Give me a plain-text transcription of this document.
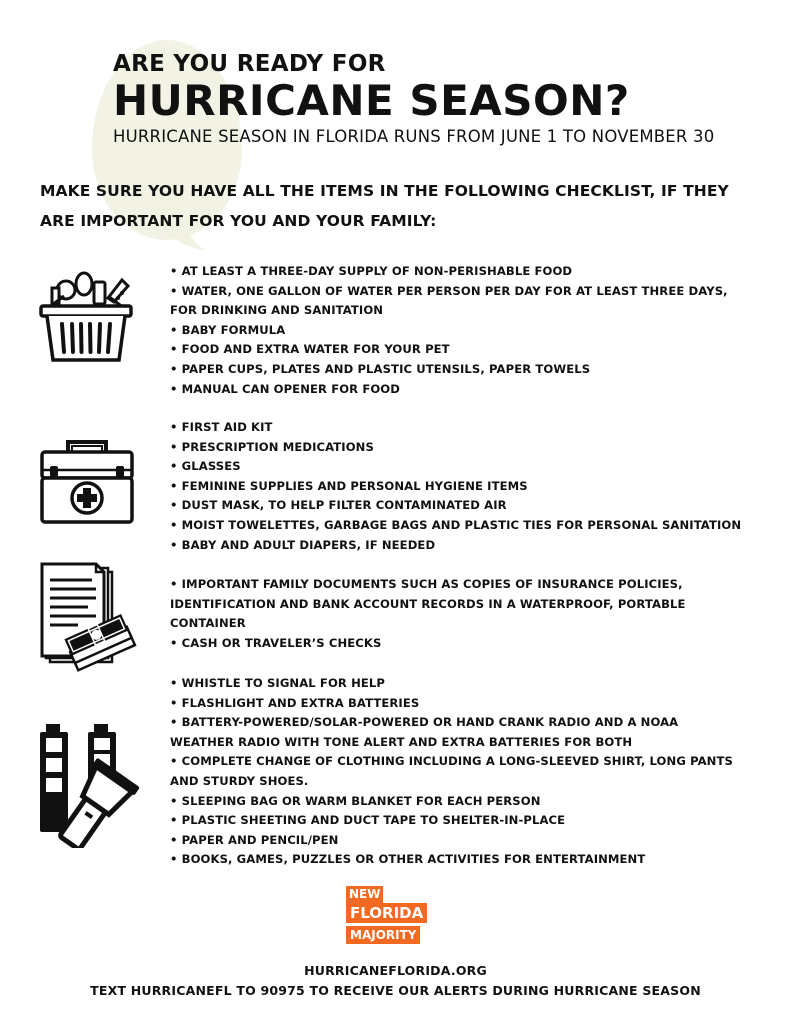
ARE YOU READY FOR
HURRICANE SEASON?
HURRICANE SEASON IN FLORIDA RUNS FROM JUNE 1 TO NOVEMBER 30
MAKE SURE YOU HAVE ALL THE ITEMS IN THE FOLLOWING CHECKLIST, IF THEY
ARE IMPORTANT FOR YOU AND YOUR FAMILY:
• AT LEAST A THREE-DAY SUPPLY OF NON-PERISHABLE FOOD
• WATER, ONE GALLON OF WATER PER PERSON PER DAY FOR AT LEAST THREE DAYS,
FOR DRINKING AND SANITATION
• BABY FORMULA
• FOOD AND EXTRA WATER FOR YOUR PET
• PAPER CUPS, PLATES AND PLASTIC UTENSILS, PAPER TOWELS
• MANUAL CAN OPENER FOR FOOD
• FIRST AID KIT
• PRESCRIPTION MEDICATIONS
• GLASSES
• FEMININE SUPPLIES AND PERSONAL HYGIENE ITEMS
• DUST MASK, TO HELP FILTER CONTAMINATED AIR
• MOIST TOWELETTES, GARBAGE BAGS AND PLASTIC TIES FOR PERSONAL SANITATION
• BABY AND ADULT DIAPERS, IF NEEDED
• IMPORTANT FAMILY DOCUMENTS SUCH AS COPIES OF INSURANCE POLICIES,
IDENTIFICATION AND BANK ACCOUNT RECORDS IN A WATERPROOF, PORTABLE
CONTAINER
• CASH OR TRAVELER’S CHECKS
• WHISTLE TO SIGNAL FOR HELP
• FLASHLIGHT AND EXTRA BATTERIES
• BATTERY-POWERED/SOLAR-POWERED OR HAND CRANK RADIO AND A NOAA
WEATHER RADIO WITH TONE ALERT AND EXTRA BATTERIES FOR BOTH
• COMPLETE CHANGE OF CLOTHING INCLUDING A LONG-SLEEVED SHIRT, LONG PANTS
AND STURDY SHOES.
• SLEEPING BAG OR WARM BLANKET FOR EACH PERSON
• PLASTIC SHEETING AND DUCT TAPE TO SHELTER-IN-PLACE
• PAPER AND PENCIL/PEN
• BOOKS, GAMES, PUZZLES OR OTHER ACTIVITIES FOR ENTERTAINMENT
NEW
FLORIDA
MAJORITY
HURRICANEFLORIDA.ORG
TEXT HURRICANEFL TO 90975 TO RECEIVE OUR ALERTS DURING HURRICANE SEASON
